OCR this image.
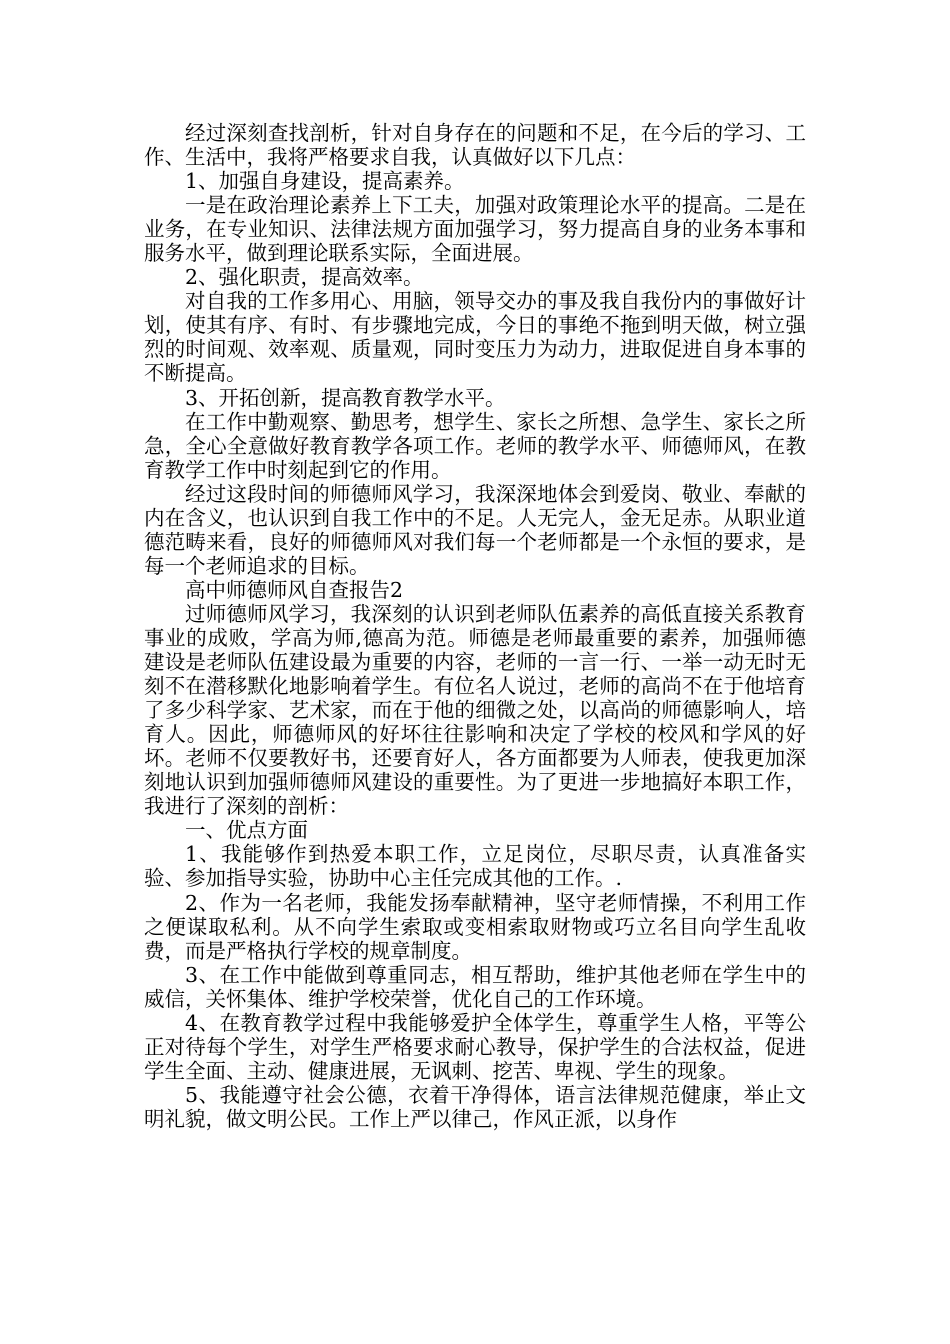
经过深刻查找剖析，针对自身存在的问题和不足，在今后的学习、工作、生活中，我将严格要求自我，认真做好以下几点：

1、加强自身建设，提高素养。

一是在政治理论素养上下工夫，加强对政策理论水平的提高。二是在业务，在专业知识、法律法规方面加强学习，努力提高自身的业务本事和服务水平，做到理论联系实际，全面进展。

2、强化职责，提高效率。

对自我的工作多用心、用脑，领导交办的事及我自我份内的事做好计划，使其有序、有时、有步骤地完成，今日的事绝不拖到明天做，树立强烈的时间观、效率观、质量观，同时变压力为动力，进取促进自身本事的不断提高。

3、开拓创新，提高教育教学水平。

在工作中勤观察、勤思考，想学生、家长之所想、急学生、家长之所急，全心全意做好教育教学各项工作。老师的教学水平、师德师风，在教育教学工作中时刻起到它的作用。

经过这段时间的师德师风学习，我深深地体会到爱岗、敬业、奉献的内在含义，也认识到自我工作中的不足。人无完人，金无足赤。从职业道德范畴来看，良好的师德师风对我们每一个老师都是一个永恒的要求，是每一个老师追求的目标。

高中师德师风自查报告2

过师德师风学习，我深刻的认识到老师队伍素养的高低直接关系教育事业的成败，学高为师,德高为范。师德是老师最重要的素养，加强师德建设是老师队伍建设最为重要的内容，老师的一言一行、一举一动无时无刻不在潜移默化地影响着学生。有位名人说过，老师的高尚不在于他培育了多少科学家、艺术家，而在于他的细微之处，以高尚的师德影响人，培育人。因此，师德师风的好坏往往影响和决定了学校的校风和学风的好坏。老师不仅要教好书，还要育好人，各方面都要为人师表，使我更加深刻地认识到加强师德师风建设的重要性。为了更进一步地搞好本职工作，我进行了深刻的剖析：

一、优点方面

1、我能够作到热爱本职工作，立足岗位，尽职尽责，认真准备实验、参加指导实验，协助中心主任完成其他的工作。.

2、作为一名老师，我能发扬奉献精神，坚守老师情操，不利用工作之便谋取私利。从不向学生索取或变相索取财物或巧立名目向学生乱收费，而是严格执行学校的规章制度。

3、在工作中能做到尊重同志，相互帮助，维护其他老师在学生中的威信，关怀集体、维护学校荣誉，优化自己的工作环境。

4、在教育教学过程中我能够爱护全体学生，尊重学生人格，平等公正对待每个学生，对学生严格要求耐心教导，保护学生的合法权益，促进学生全面、主动、健康进展，无讽刺、挖苦、卑视、学生的现象。

5、我能遵守社会公德，衣着干净得体，语言法律规范健康，举止文明礼貌，做文明公民。工作上严以律己，作风正派，以身作
